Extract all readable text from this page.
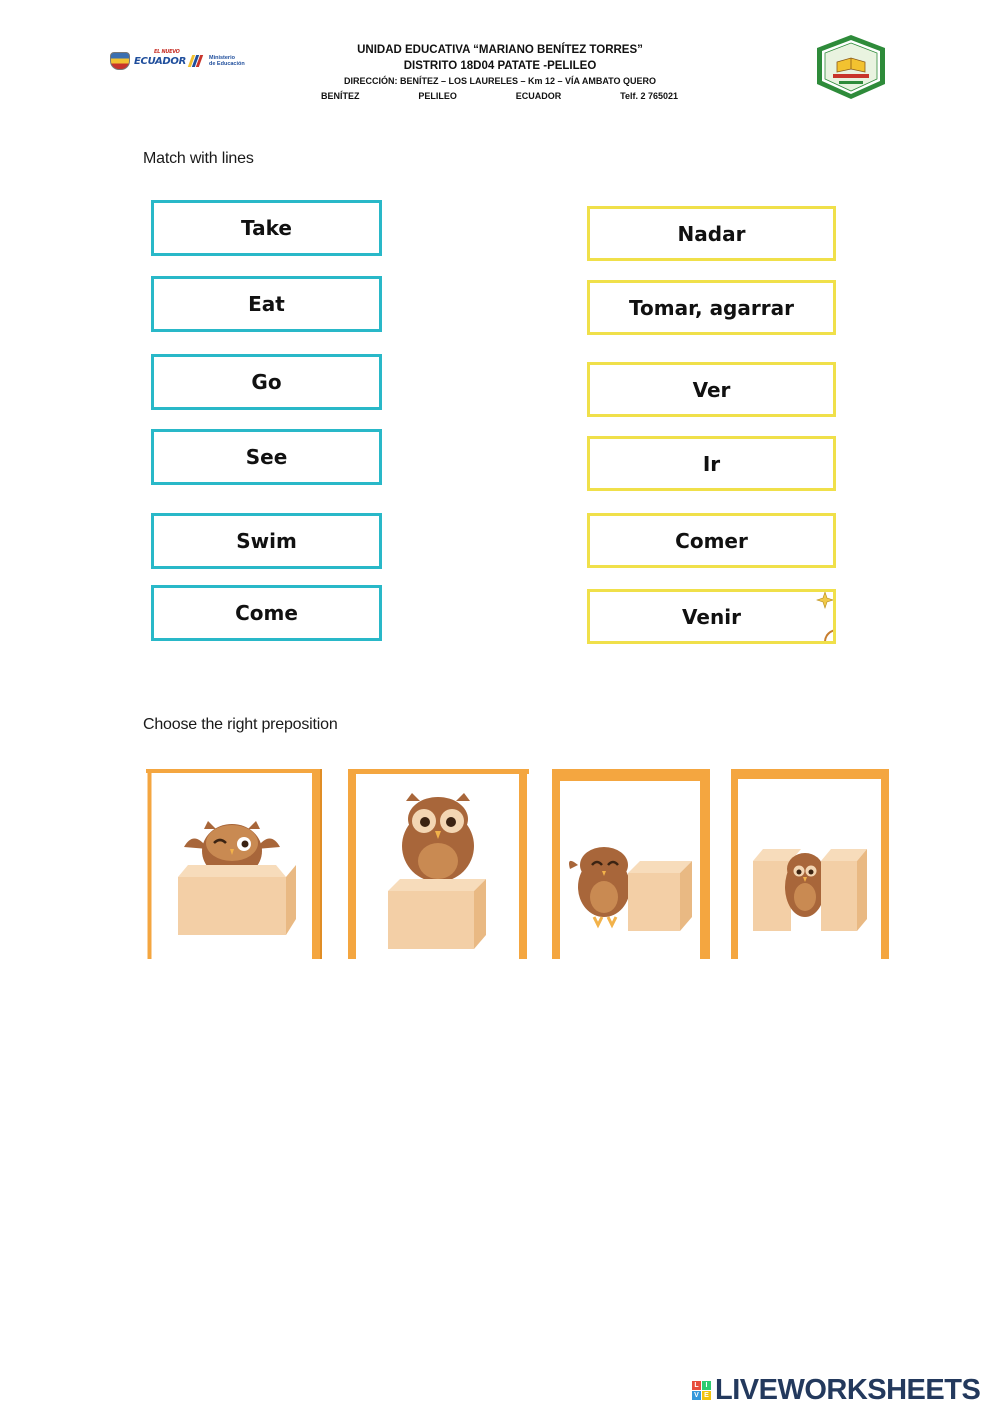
EL NUEVO
ECUADOR	Ministerio
de Educación
UNIDAD EDUCATIVA “MARIANO BENÍTEZ TORRES”
DISTRITO 18D04 PATATE -PELILEO
DIRECCIÓN: BENÍTEZ – LOS LAURELES – Km 12 – VÍA AMBATO QUERO
BENÍTEZ	PELILEO	ECUADOR	Telf. 2 765021
Match with lines
Take
Eat
Go
See
Swim
Come
Nadar
Tomar, agarrar
Ver
Ir
Comer
Venir
Choose the right preposition
L I
V E LIVEWORKSHEETS
